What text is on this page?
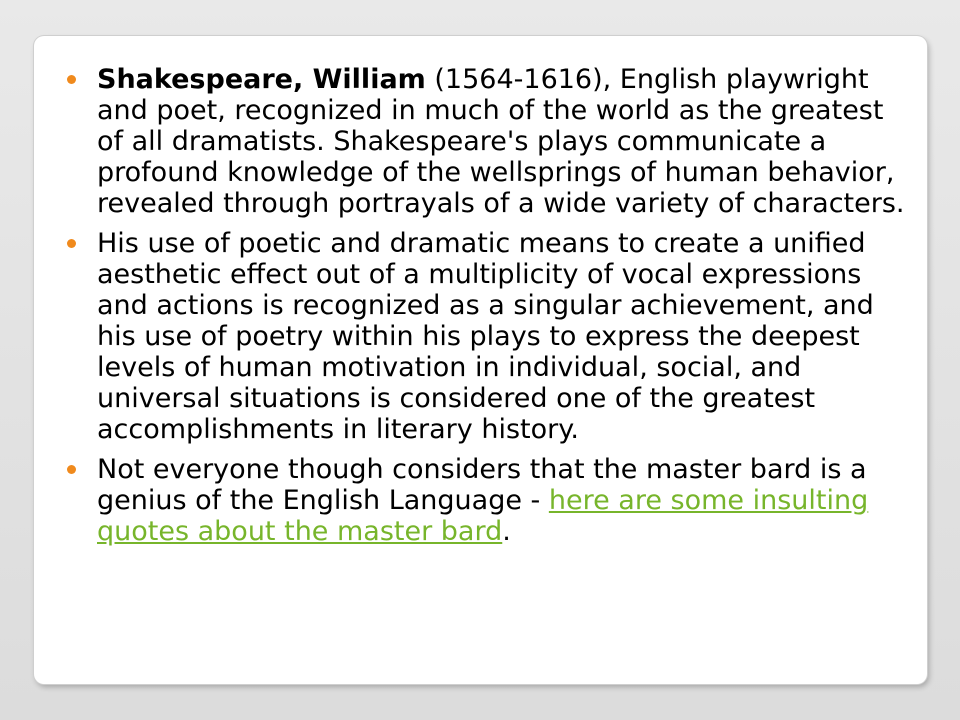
Shakespeare, William (1564-1616), English playwright and poet, recognized in much of the world as the greatest of all dramatists. Shakespeare's plays communicate a profound knowledge of the wellsprings of human behavior, revealed through portrayals of a wide variety of characters.
His use of poetic and dramatic means to create a unified aesthetic effect out of a multiplicity of vocal expressions and actions is recognized as a singular achievement, and his use of poetry within his plays to express the deepest levels of human motivation in individual, social, and universal situations is considered one of the greatest accomplishments in literary history.
Not everyone though considers that the master bard is a genius of the English Language - here are some insulting quotes about the master bard.
